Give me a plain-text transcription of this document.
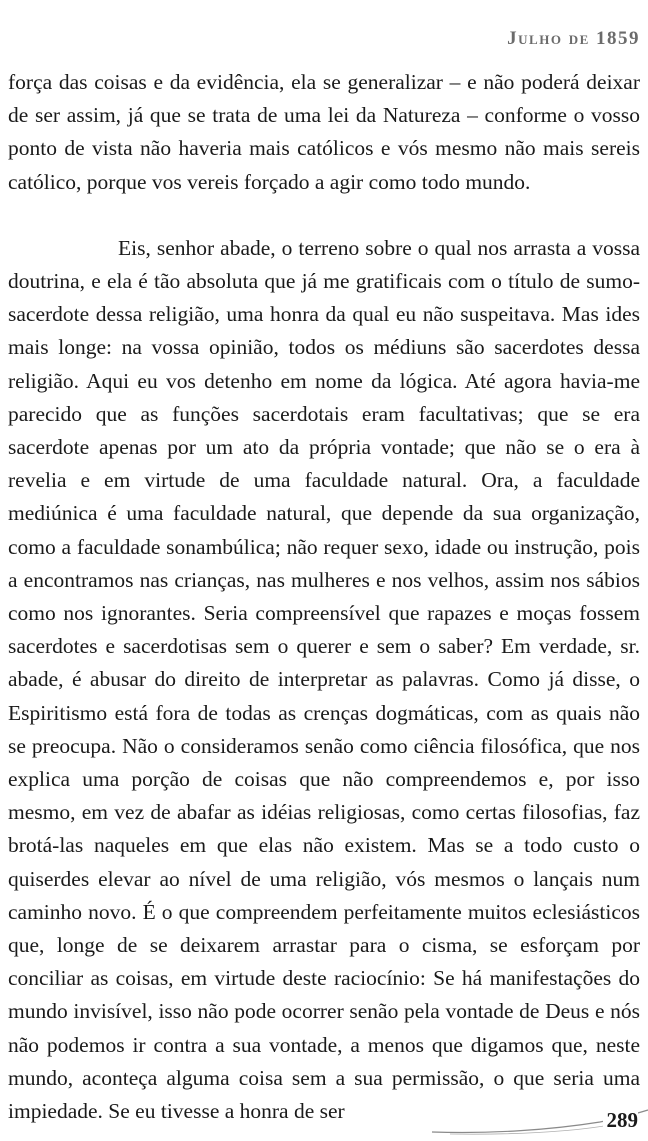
Julho de 1859

força das coisas e da evidência, ela se generalizar – e não poderá deixar de ser assim, já que se trata de uma lei da Natureza – conforme o vosso ponto de vista não haveria mais católicos e vós mesmo não mais sereis católico, porque vos vereis forçado a agir como todo mundo.

Eis, senhor abade, o terreno sobre o qual nos arrasta a vossa doutrina, e ela é tão absoluta que já me gratificais com o título de sumo-sacerdote dessa religião, uma honra da qual eu não suspeitava. Mas ides mais longe: na vossa opinião, todos os médiuns são sacerdotes dessa religião. Aqui eu vos detenho em nome da lógica. Até agora havia-me parecido que as funções sacerdotais eram facultativas; que se era sacerdote apenas por um ato da própria vontade; que não se o era à revelia e em virtude de uma faculdade natural. Ora, a faculdade mediúnica é uma faculdade natural, que depende da sua organização, como a faculdade sonambúlica; não requer sexo, idade ou instrução, pois a encontramos nas crianças, nas mulheres e nos velhos, assim nos sábios como nos ignorantes. Seria compreensível que rapazes e moças fossem sacerdotes e sacerdotisas sem o querer e sem o saber? Em verdade, sr. abade, é abusar do direito de interpretar as palavras. Como já disse, o Espiritismo está fora de todas as crenças dogmáticas, com as quais não se preocupa. Não o consideramos senão como ciência filosófica, que nos explica uma porção de coisas que não compreendemos e, por isso mesmo, em vez de abafar as idéias religiosas, como certas filosofias, faz brotá-las naqueles em que elas não existem. Mas se a todo custo o quiserdes elevar ao nível de uma religião, vós mesmos o lançais num caminho novo. É o que compreendem perfeitamente muitos eclesiásticos que, longe de se deixarem arrastar para o cisma, se esforçam por conciliar as coisas, em virtude deste raciocínio: Se há manifestações do mundo invisível, isso não pode ocorrer senão pela vontade de Deus e nós não podemos ir contra a sua vontade, a menos que digamos que, neste mundo, aconteça alguma coisa sem a sua permissão, o que seria uma impiedade. Se eu tivesse a honra de ser	289
